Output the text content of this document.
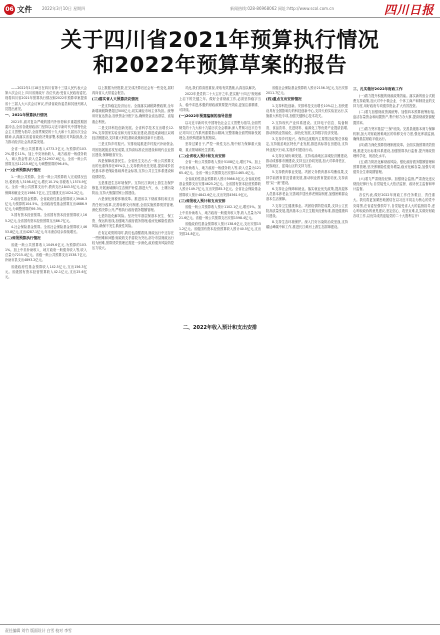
06 文件	2022年3月10日 星期四	新闻热线:028-86968062 网址:http://www.scol.com.cn	四川日报
关于四川省2021年预算执行情况
和2022年预算草案的报告

——2022年1月18日在四川省第十三届人民代表大会第六次会议上 四川省财政厅 各位代表:受省人民政府委托,现将四川省2021年预算执行情况和2022年预算草案提请省十三届人大六次会议审议,并请省政协委员和其他列席人员提出意见。

一、2021年预算执行情况

2021年,面对复杂严峻的国内外形势和多重超预期因素冲击,全省各级财政部门坚持以习近平新时代中国特色社会主义思想为指导,全面贯彻党的十九大和十九届历次全会精神,认真落实省委省政府决策部署,积极应对风险挑战,全力推动经济社会高质量发展。

全省一般公共预算收入4773.3亿元,为预算的103.2%,增长11%。加上中央补助收入、地方政府一般债务收入、调入资金等,收入总量为12937.6亿元。全省一般公共预算支出11215.6亿元,为调整预算的96.4%。

(一)全省预算执行情况

1.一般公共预算。全省一般公共预算收入完成情况良好,税收收入3198.4亿元,增长10.1%;非税收入1574.9亿元。全省一般公共预算支出中,教育支出1843.5亿元,社会保障和就业支出1986.7亿元,卫生健康支出1024.2亿元。

2.政府性基金预算。全省政府性基金预算收入3946.3亿元,为预算的104.5%。全省政府性基金预算支出4686.9亿元,为调整预算的95.3%。

3.国有资本经营预算。全省国有资本经营预算收入165.2亿元,全省国有资本经营预算支出86.7亿元。

4.社会保险基金预算。全省社会保险基金预算收入4653.8亿元,支出4287.1亿元,年末滚存结余持续增长。

(二)省级预算执行情况

省级一般公共预算收入1049.6亿元,为预算的103.1%。加上中央补助收入、地方政府一般债务收入等,收入总量为7215.4亿元。省级一般公共预算支出1538.7亿元,补助市县支出4893.2亿元。

省级政府性基金预算收入142.5亿元,支出156.3亿元。省级国有资本经营预算收入42.1亿元,支出25.6亿元。

以上数据为快报数,在完成决算后还会有一些变化,届时再向省人大常委会报告。

(三)落实省人大预算决议情况

一是支持稳定经济运行。全面落实减税降费政策,全年新增减税降费超过500亿元,切实减轻市场主体负担。统筹用好直达资金,加快资金分配下达,确保资金直达基层、直接惠企利民。

二是支持科技创新发展。全省科学技术支出增长12.3%,支持国家实验室和天府实验室建设,推进成渝地区双城经济圈建设,支持重大科技基础设施和创新平台建设。

三是支持乡村振兴。安排衔接推进乡村振兴补助资金,巩固拓展脱贫攻坚成果,支持高标准农田建设和现代农业园区建设,保障粮食安全。

四是保障改善民生。全省民生支出占一般公共预算支出的比重保持在65%以上,支持教育优先发展,提高城乡居民基本养老保险基础养老金标准,支持公共卫生体系建设和疫情防控。

五是推进生态环境保护。支持长江黄河上游生态保护修复,开展流域横向生态保护补偿,推进大气、水、土壤污染防治,支持大熊猫国家公园建设。

六是深化财税体制改革。推进省以下财政事权和支出责任划分改革,完善转移支付制度,全面实施预算绩效管理,深化预决算公开,严格执行政府债务限额管理。

七是防范化解风险。坚决兜牢基层保基本民生、保工资、保运转底线,加强地方政府债务管理,稳妥化解隐性债务风险,确保不发生系统性风险。

在肯定成绩的同时,我们也清醒看到,财政运行中还存在一些困难和问题:财政收支矛盾较为突出,部分市县财政运行较为困难,预算绩效管理还需进一步深化,政府债务风险防控压力较大。

对此,我们将高度重视,采取有效措施,认真加以解决。

2022年是党的二十大召开之年,是实施"十四五"规划承上启下的关键之年。做好全省财政工作,必须坚持稳字当头、稳中求进,积极的财政政策要提升效能,更加注重精准、可持续。

(一)2022年预算编制的指导思想

以习近平新时代中国特色社会主义思想为指导,全面贯彻党的十九大和十九届历次全会精神,深入贯彻习近平总书记对四川工作系列重要指示精神,完整准确全面贯彻新发展理念,加快构建新发展格局。

坚持过紧日子,严控一般性支出,集中财力保障重大战略、重点领域和民生需要。

(二)全省收入预计和支出安排

全省一般公共预算收入预计5108亿元,增长7%。加上中央补助收入、地方政府一般债务收入等,收入总量为12165.4亿元。全省一般公共预算支出安排11465.4亿元。

全省政府性基金预算收入预计3986.5亿元,全省政府性基金预算支出安排4625.2亿元。全省国有资本经营预算收入预计149.7亿元,支出安排85.3亿元。全省社会保险基金预算收入预计4842.6亿元,支出安排4561.9亿元。

(三)省级收入预计和支出安排

省级一般公共预算收入预计1102.1亿元,增长5%。加上中央补助收入、地方政府一般债务收入等,收入总量为7021.6亿元。省级一般公共预算支出安排1598.4亿元。

省级政府性基金预算收入预计138.6亿元,支出安排151.2亿元。省级国有资本经营预算收入预计40.5亿元,支出安排24.8亿元。

省级社会保险基金预算收入预计2156.3亿元,支出安排2011.7亿元。

(四)重点支出安排情况

1.支持科技创新。安排科技支出增长10%以上,加快建设具有全国影响力的科技创新中心,支持天府实验室运行,实施重大科技专项,加强关键核心技术攻关。

2.支持现代产业体系建设。支持电子信息、装备制造、食品饮料、先进材料、能源化工等优势产业提质倍增,推动制造业智能化、绿色化发展,支持数字经济发展。

3.支持乡村振兴。保持过渡期内主要帮扶政策总体稳定,支持脱贫地区特色产业发展,推进高标准农田建设,支持种业振兴行动,实施乡村建设行动。

4.支持区域协调发展。支持成渝地区双城经济圈建设,推动成都都市圈建设,支持五区协同发展,加大对革命老区、民族地区、盆周山区的支持力度。

5.支持教育事业发展。巩固义务教育基本均衡成果,支持学前教育普及普惠发展,推动职业教育提质培优,支持高校"双一流"建设。

6.支持社会保障和就业。落实就业优先政策,提高退休人员基本养老金,完善城乡居民养老保险制度,加强困难群众基本生活保障。

7.支持卫生健康事业。巩固疫情防控成果,支持公立医院高质量发展,提高基本公共卫生服务经费标准,推进健康四川建设。

8.支持生态环境保护。深入打好污染防治攻坚战,支持碳达峰碳中和工作,推进长江黄河上游生态屏障建设。

三、扎实做好2022年财政工作

(一)着力提升积极的财政政策效能。落实新的组合式税费支持政策,加大对中小微企业、个体工商户和制造业的支持力度,用好政府专项债券资金,扩大有效投资。

(二)着力加强财政资源统筹。加强四本预算统筹衔接,盘活存量资金和闲置资产,集中财力办大事,提高财政资源配置效率。

(三)着力兜牢基层"三保"底线。完善县级基本财力保障机制,加大对财政困难地区的转移支付力度,强化库款监测,确保基层财政平稳运行。

(四)着力深化预算管理制度改革。全面实施预算绩效管理,推进支出标准体系建设,加强预算执行监督,提升财政管理科学化、规范化水平。

(五)着力防范化解财政风险。强化政府债务限额管理和预算管理,坚决遏制隐性债务增量,稳妥化解存量,加强专项债券全生命周期管理。

(六)着力严肃财经纪律。加强财会监督,严肃查处违反财经纪律行为,自觉接受人大依法监督、政协民主监督和审计监督。

各位代表,做好2022年财政工作任务艰巨、责任重大。我们将更加紧密地团结在以习近平同志为核心的党中央周围,在省委坚强领导下,自觉接受省人大的监督指导,虚心听取政协的意见建议,坚定信心、攻坚克难,扎实做好财政各项工作,以优异成绩迎接党的二十大胜利召开!

二、2022年收入预计和支出安排
责任编辑 刘竹 版面设计 白雪 校对 李雪
